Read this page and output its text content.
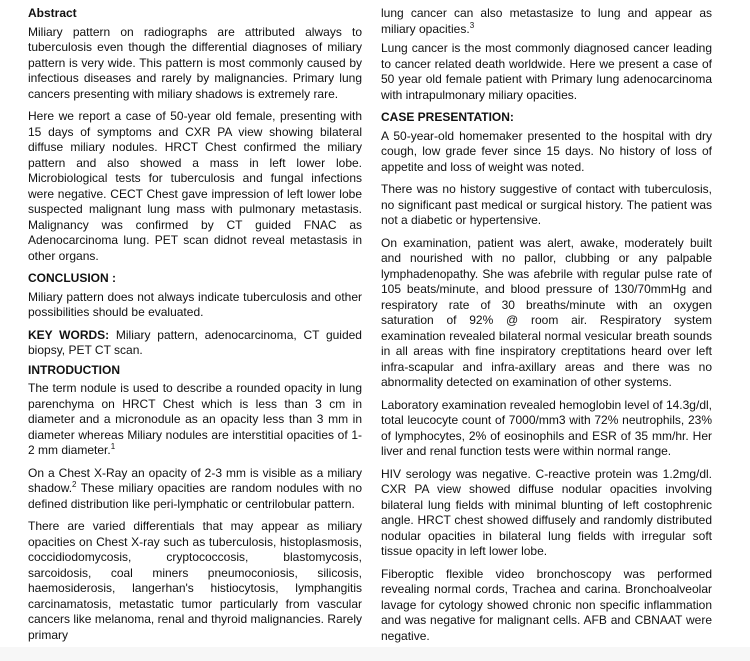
Abstract

Miliary pattern on radiographs are attributed always to tuberculosis even though the differential diagnoses of miliary pattern is very wide. This pattern is most commonly caused by infectious diseases and rarely by malignancies. Primary lung cancers presenting with miliary shadows is extremely rare.

Here we report a case of 50-year old female, presenting with 15 days of symptoms and CXR PA view showing bilateral diffuse miliary nodules. HRCT Chest confirmed the miliary pattern and also showed a mass in left lower lobe. Microbiological tests for tuberculosis and fungal infections were negative. CECT Chest gave impression of left lower lobe suspected malignant lung mass with pulmonary metastasis. Malignancy was confirmed by CT guided FNAC as Adenocarcinoma lung. PET scan didnot reveal metastasis in other organs.

CONCLUSION :

Miliary pattern does not always indicate tuberculosis and other possibilities should be evaluated.

KEY WORDS: Miliary pattern, adenocarcinoma, CT guided biopsy, PET CT scan.

INTRODUCTION

The term nodule is used to describe a rounded opacity in lung parenchyma on HRCT Chest which is less than 3 cm in diameter and a micronodule as an opacity less than 3 mm in diameter whereas Miliary nodules are interstitial opacities of 1-2 mm diameter.$^1$

On a Chest X-Ray an opacity of 2-3 mm is visible as a miliary shadow.$^2$ These miliary opacities are random nodules with no defined distribution like peri-lymphatic or centrilobular pattern.

There are varied differentials that may appear as miliary opacities on Chest X-ray such as tuberculosis, histoplasmosis, coccidiodomycosis, cryptococcosis, blastomycosis, sarcoidosis, coal miners pneumoconiosis, silicosis, haemosiderosis, langerhan's histiocytosis, lymphangitis carcinamatosis, metastatic tumor particularly from vascular cancers like melanoma, renal and thyroid malignancies. Rarely primary

lung cancer can also metastasize to lung and appear as miliary opacities.$^3$

Lung cancer is the most commonly diagnosed cancer leading to cancer related death worldwide. Here we present a case of 50 year old female patient with Primary lung adenocarcinoma with intrapulmonary miliary opacities.

CASE PRESENTATION:

A 50-year-old homemaker presented to the hospital with dry cough, low grade fever since 15 days. No history of loss of appetite and loss of weight was noted.

There was no history suggestive of contact with tuberculosis, no significant past medical or surgical history. The patient was not a diabetic or hypertensive.

On examination, patient was alert, awake, moderately built and nourished with no pallor, clubbing or any palpable lymphadenopathy. She was afebrile with regular pulse rate of 105 beats/minute, and blood pressure of 130/70mmHg and respiratory rate of 30 breaths/minute with an oxygen saturation of 92% @ room air. Respiratory system examination revealed bilateral normal vesicular breath sounds in all areas with fine inspiratory creptitations heard over left infra-scapular and infra-axillary areas and there was no abnormality detected on examination of other systems.

Laboratory examination revealed hemoglobin level of 14.3g/dl, total leucocyte count of 7000/mm3 with 72% neutrophils, 23% of lymphocytes, 2% of eosinophils and ESR of 35 mm/hr. Her liver and renal function tests were within normal range.

HIV serology was negative. C-reactive protein was 1.2mg/dl. CXR PA view showed diffuse nodular opacities involving bilateral lung fields with minimal blunting of left costophrenic angle. HRCT chest showed diffusely and randomly distributed nodular opacities in bilateral lung fields with irregular soft tissue opacity in left lower lobe.

Fiberoptic flexible video bronchoscopy was performed revealing normal cords, Trachea and carina. Bronchoalveolar lavage for cytology showed chronic non specific inflammation and was negative for malignant cells. AFB and CBNAAT were negative.
